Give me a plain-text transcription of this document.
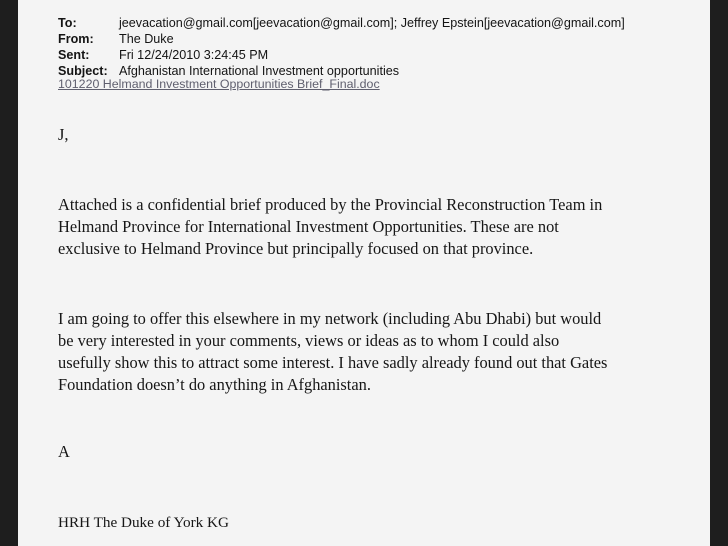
To:	jeevacation@gmail.com[jeevacation@gmail.com]; Jeffrey Epstein[jeevacation@gmail.com]
From:	The Duke
Sent:	Fri 12/24/2010 3:24:45 PM
Subject: Afghanistan International Investment opportunities
101220 Helmand Investment Opportunities Brief_Final.doc
J,
Attached is a confidential brief produced by the Provincial Reconstruction Team in
Helmand Province for International Investment Opportunities. These are not
exclusive to Helmand Province but principally focused on that province.
I am going to offer this elsewhere in my network (including Abu Dhabi) but would
be very interested in your comments, views or ideas as to whom I could also
usefully show this to attract some interest. I have sadly already found out that Gates
Foundation doesn’t do anything in Afghanistan.
A
HRH The Duke of York KG
